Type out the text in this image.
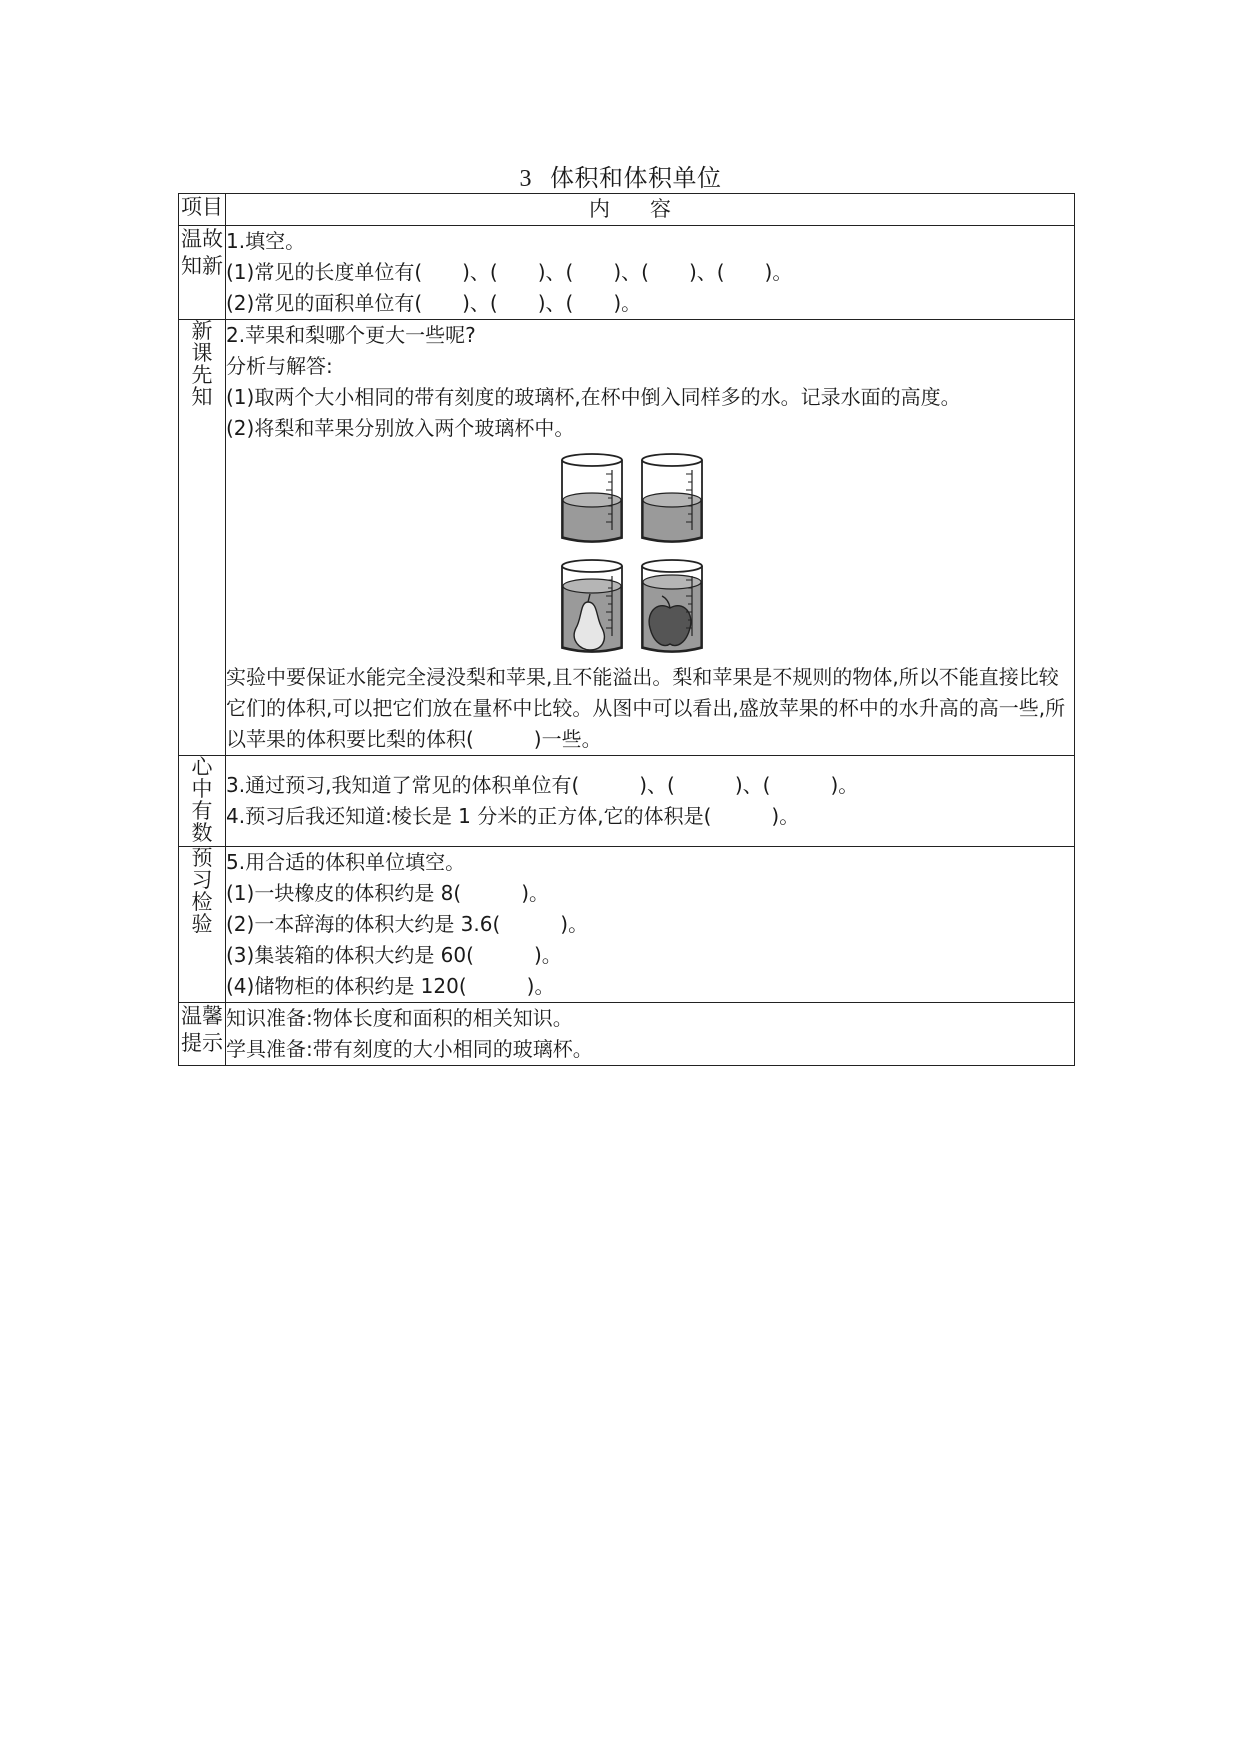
3 体积和体积单位
项目	内容

温故知新	1.填空。
(1)常见的长度单位有(　　)、(　　)、(　　)、(　　)、(　　)。
(2)常见的面积单位有(　　)、(　　)、(　　)。

新课先知	2.苹果和梨哪个更大一些呢?
分析与解答:
(1)取两个大小相同的带有刻度的玻璃杯,在杯中倒入同样多的水。记录水面的高度。
(2)将梨和苹果分别放入两个玻璃杯中。
实验中要保证水能完全浸没梨和苹果,且不能溢出。梨和苹果是不规则的物体,所以不能直接比较它们的体积,可以把它们放在量杯中比较。从图中可以看出,盛放苹果的杯中的水升高的高一些,所以苹果的体积要比梨的体积(　　　)一些。

心中有数	3.通过预习,我知道了常见的体积单位有(　　　)、(　　　)、(　　　)。
4.预习后我还知道:棱长是 1 分米的正方体,它的体积是(　　　)。

预习检验	5.用合适的体积单位填空。
(1)一块橡皮的体积约是 8(　　　)。
(2)一本辞海的体积大约是 3.6(　　　)。
(3)集装箱的体积大约是 60(　　　)。
(4)储物柜的体积约是 120(　　　)。

温馨提示	知识准备:物体长度和面积的相关知识。
学具准备:带有刻度的大小相同的玻璃杯。
